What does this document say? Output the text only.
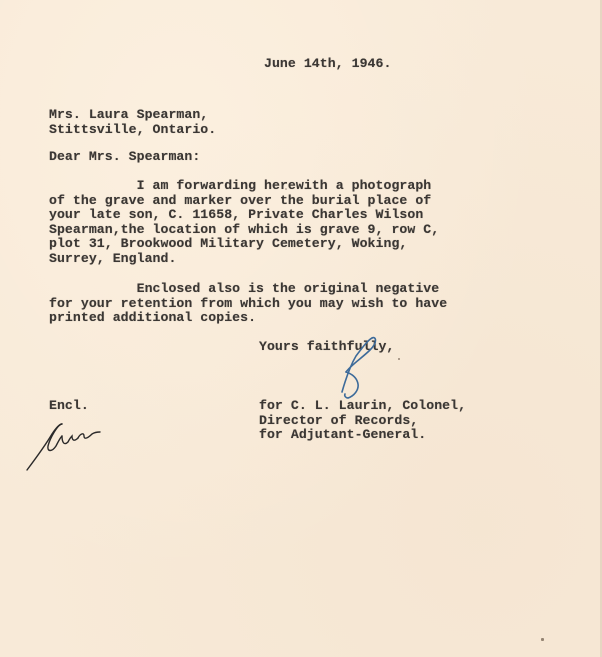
June 14th, 1946.

Mrs. Laura Spearman,
Stittsville, Ontario.

Dear Mrs. Spearman:

I am forwarding herewith a photograph
of the grave and marker over the burial place of
your late son, C. 11658, Private Charles Wilson
Spearman,the location of which is grave 9, row C,
plot 31, Brookwood Military Cemetery, Woking,
Surrey, England.

Enclosed also is the original negative
for your retention from which you may wish to have
printed additional copies.

Yours faithfully,

Encl.	for C. L. Laurin, Colonel,
Director of Records,
for Adjutant-General.
